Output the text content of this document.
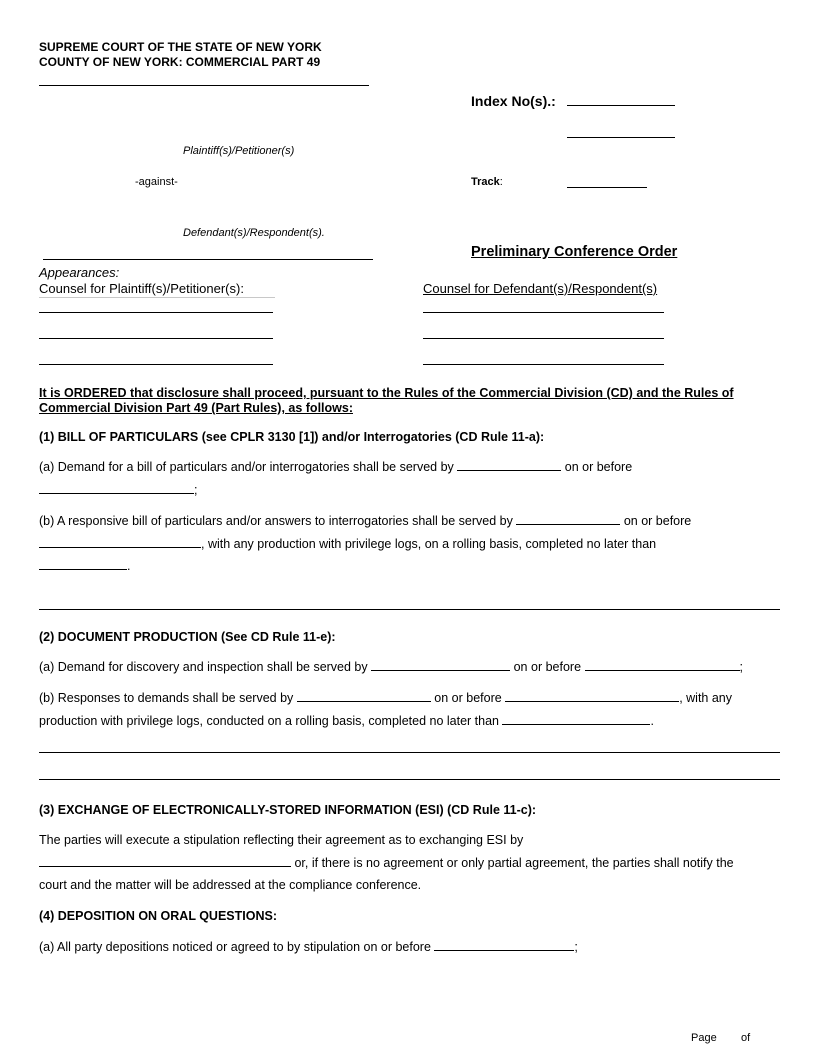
SUPREME COURT OF THE STATE OF NEW YORK
COUNTY OF NEW YORK: COMMERCIAL PART 49
Index No(s).:
Plaintiff(s)/Petitioner(s)
-against-	Track:
Defendant(s)/Respondent(s).
Preliminary Conference Order
Appearances:
Counsel for Plaintiff(s)/Petitioner(s):	Counsel for Defendant(s)/Respondent(s)
It is ORDERED that disclosure shall proceed, pursuant to the Rules of the Commercial Division (CD) and the Rules of Commercial Division Part 49 (Part Rules), as follows:
(1) BILL OF PARTICULARS (see CPLR 3130 [1]) and/or Interrogatories (CD Rule 11-a):
(a) Demand for a bill of particulars and/or interrogatories shall be served by	on or before
;
(b) A responsive bill of particulars and/or answers to interrogatories shall be served by	on or before
, with any production with privilege logs, on a rolling basis, completed no later than
.
(2) DOCUMENT PRODUCTION (See CD Rule 11-e):
(a) Demand for discovery and inspection shall be served by	on or before	;
(b) Responses to demands shall be served by	on or before	, with any
production with privilege logs, conducted on a rolling basis, completed no later than	.
(3) EXCHANGE OF ELECTRONICALLY-STORED INFORMATION (ESI) (CD Rule 11-c):
The parties will execute a stipulation reflecting their agreement as to exchanging ESI by
or, if there is no agreement or only partial agreement, the parties shall notify the
court and the matter will be addressed at the compliance conference.
(4) DEPOSITION ON ORAL QUESTIONS:
(a) All party depositions noticed or agreed to by stipulation on or before	;
Page of
